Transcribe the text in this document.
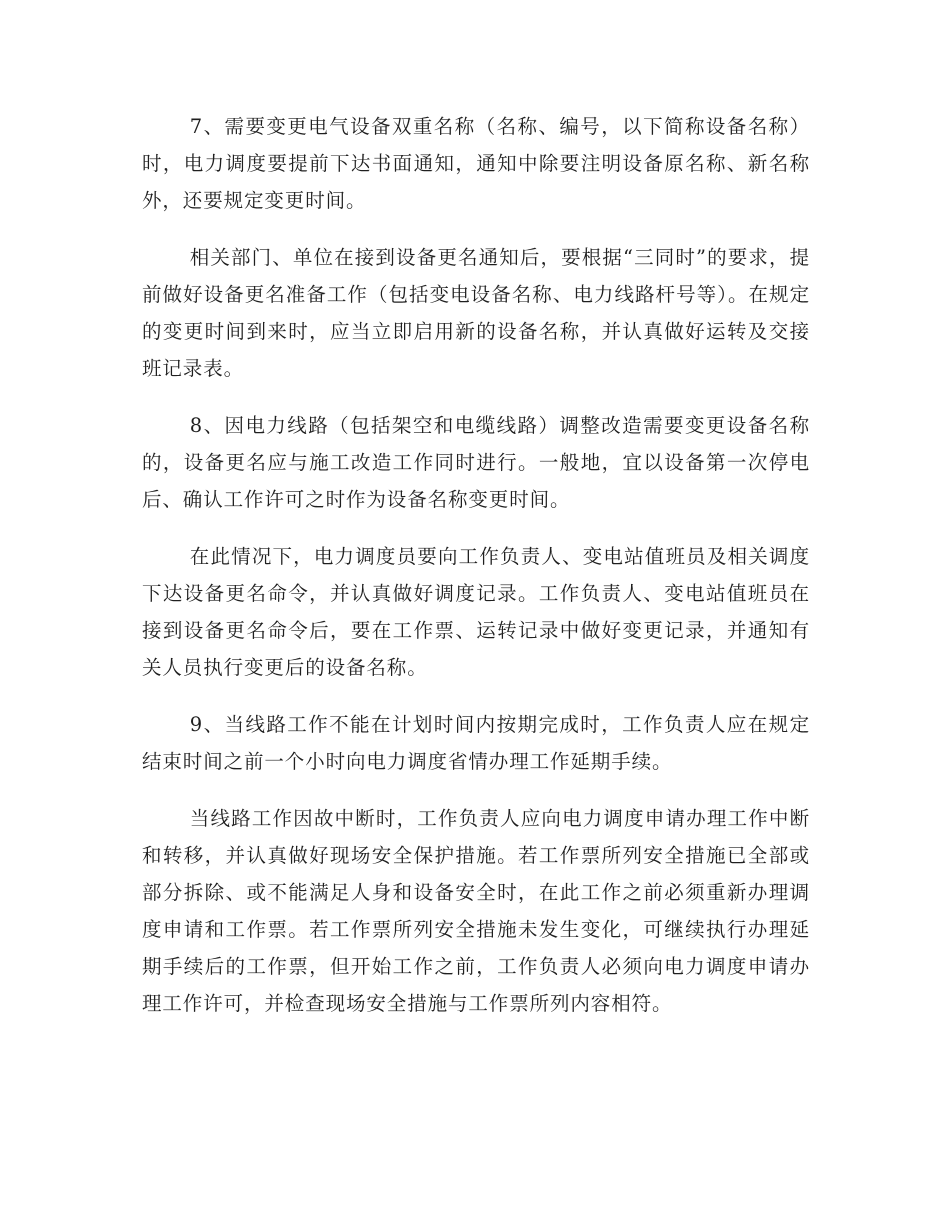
7、需要变更电气设备双重名称（名称、编号，以下简称设备名称）时，电力调度要提前下达书面通知，通知中除要注明设备原名称、新名称外，还要规定变更时间。

相关部门、单位在接到设备更名通知后，要根据“三同时”的要求，提前做好设备更名准备工作（包括变电设备名称、电力线路杆号等）。在规定的变更时间到来时，应当立即启用新的设备名称，并认真做好运转及交接班记录表。

8、因电力线路（包括架空和电缆线路）调整改造需要变更设备名称的，设备更名应与施工改造工作同时进行。一般地，宜以设备第一次停电后、确认工作许可之时作为设备名称变更时间。

在此情况下，电力调度员要向工作负责人、变电站值班员及相关调度下达设备更名命令，并认真做好调度记录。工作负责人、变电站值班员在接到设备更名命令后，要在工作票、运转记录中做好变更记录，并通知有关人员执行变更后的设备名称。

9、当线路工作不能在计划时间内按期完成时，工作负责人应在规定结束时间之前一个小时向电力调度省情办理工作延期手续。

当线路工作因故中断时，工作负责人应向电力调度申请办理工作中断和转移，并认真做好现场安全保护措施。若工作票所列安全措施已全部或部分拆除、或不能满足人身和设备安全时，在此工作之前必须重新办理调度申请和工作票。若工作票所列安全措施未发生变化，可继续执行办理延期手续后的工作票，但开始工作之前，工作负责人必须向电力调度申请办理工作许可，并检查现场安全措施与工作票所列内容相符。
